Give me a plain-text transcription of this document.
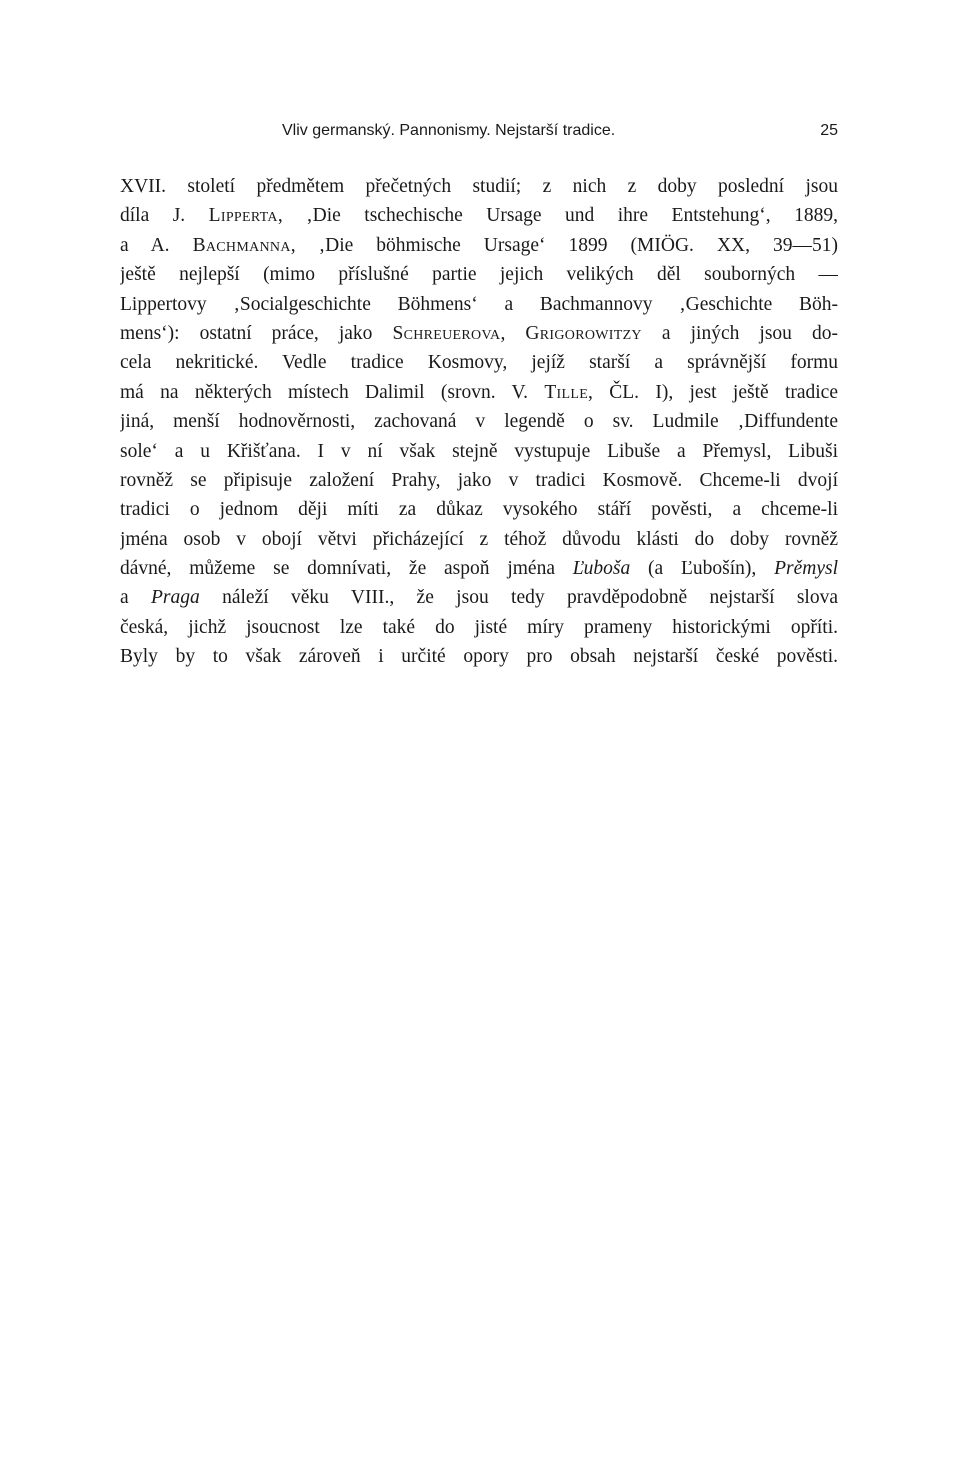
Vliv germanský. Pannonismy. Nejstarší tradice.	25
XVII. století předmětem přečetných studií; z nich z doby poslední jsou
díla J. Lipperta, ‚Die tschechische Ursage und ihre Entstehung‘, 1889,
a A. Bachmanna, ‚Die böhmische Ursage‘ 1899 (MIÖG. XX, 39—51)
ještě nejlepší (mimo příslušné partie jejich velikých děl souborných —
Lippertovy ‚Socialgeschichte Böhmens‘ a Bachmannovy ‚Geschichte Böh-
mens‘): ostatní práce, jako Schreuerova, Grigorowitzy a jiných jsou do-
cela nekritické. Vedle tradice Kosmovy, jejíž starší a správnější formu
má na některých místech Dalimil (srovn. V. Tille, ČL. I), jest ještě tradice
jiná, menší hodnověrnosti, zachovaná v legendě o sv. Ludmile ‚Diffundente
sole‘ a u Křišťana. I v ní však stejně vystupuje Libuše a Přemysl, Libuši
rovněž se připisuje založení Prahy, jako v tradici Kosmově. Chceme-li dvojí
tradici o jednom ději míti za důkaz vysokého stáří pověsti, a chceme-li
jména osob v obojí větvi přicházející z téhož důvodu klásti do doby rovněž
dávné, můžeme se domnívati, že aspoň jména Ľuboša (a Ľubošín), Prěmysl
a Praga náleží věku VIII., že jsou tedy pravděpodobně nejstarší slova
česká, jichž jsoucnost lze také do jisté míry prameny historickými opříti.
Byly by to však zároveň i určité opory pro obsah nejstarší české pověsti.
